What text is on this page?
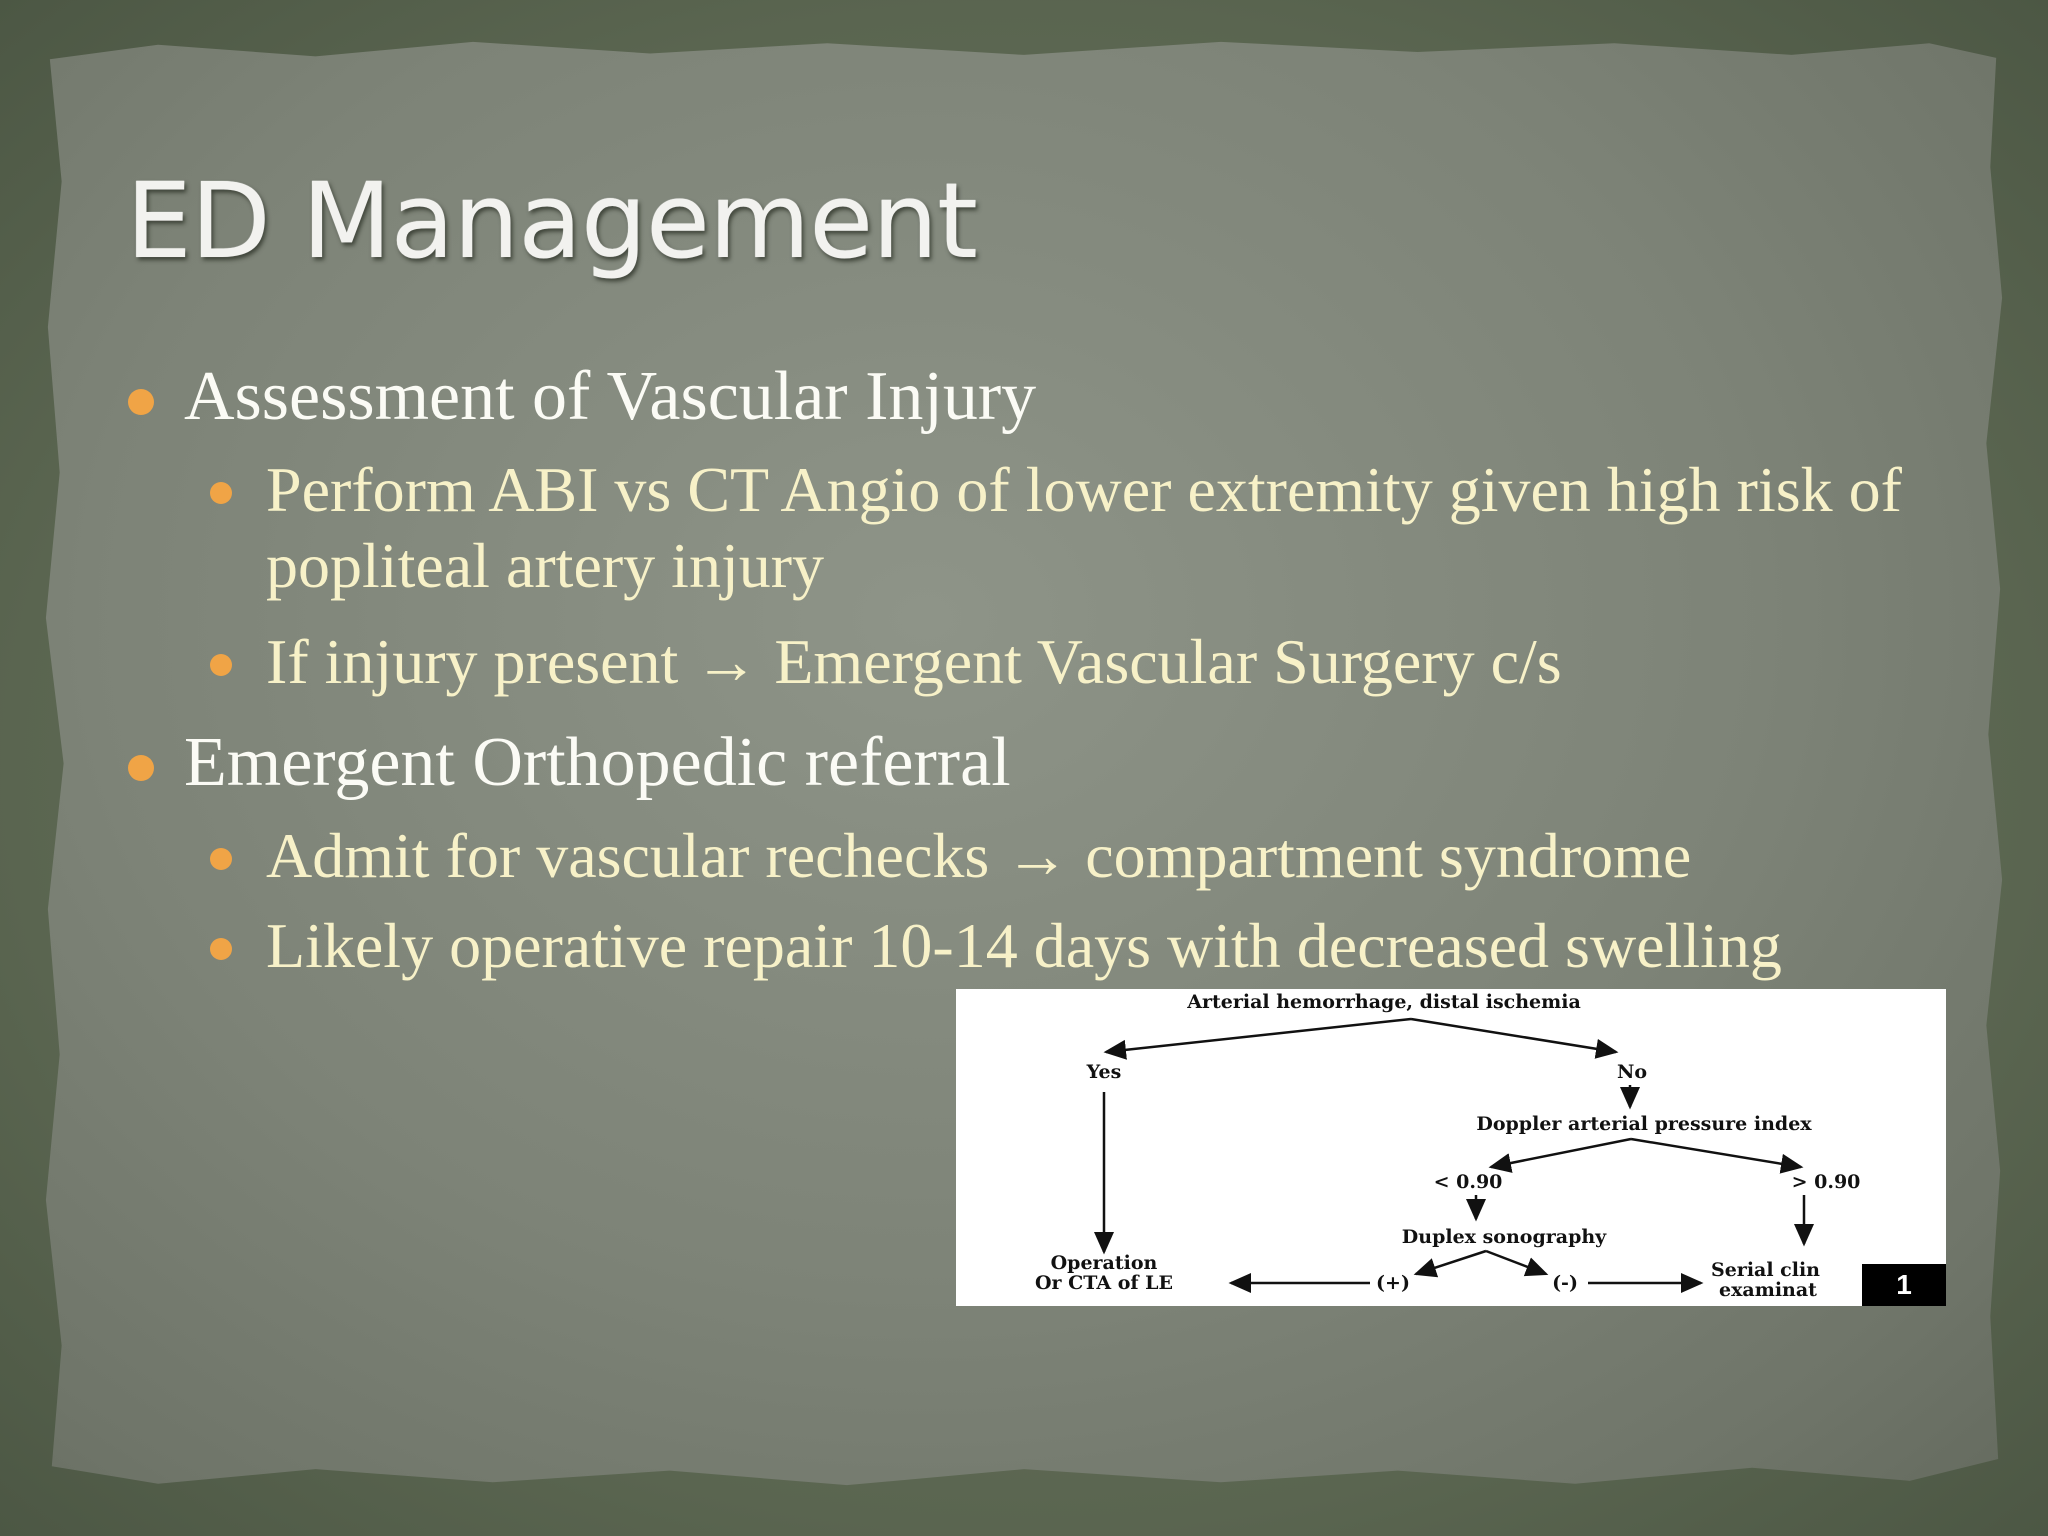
ED Management

Assessment of Vascular Injury

Perform ABI vs CT Angio of lower extremity given high risk of popliteal artery injury

If injury present → Emergent Vascular Surgery c/s

Emergent Orthopedic referral

Admit for vascular rechecks → compartment syndrome

Likely operative repair 10-14 days with decreased swelling

Arterial hemorrhage, distal ischemia
Yes	No
Doppler arterial pressure index
< 0.90	> 0.90
Duplex sonography
Operation
Or CTA of LE	(+)	(-)
Serial clin
examinat	1
